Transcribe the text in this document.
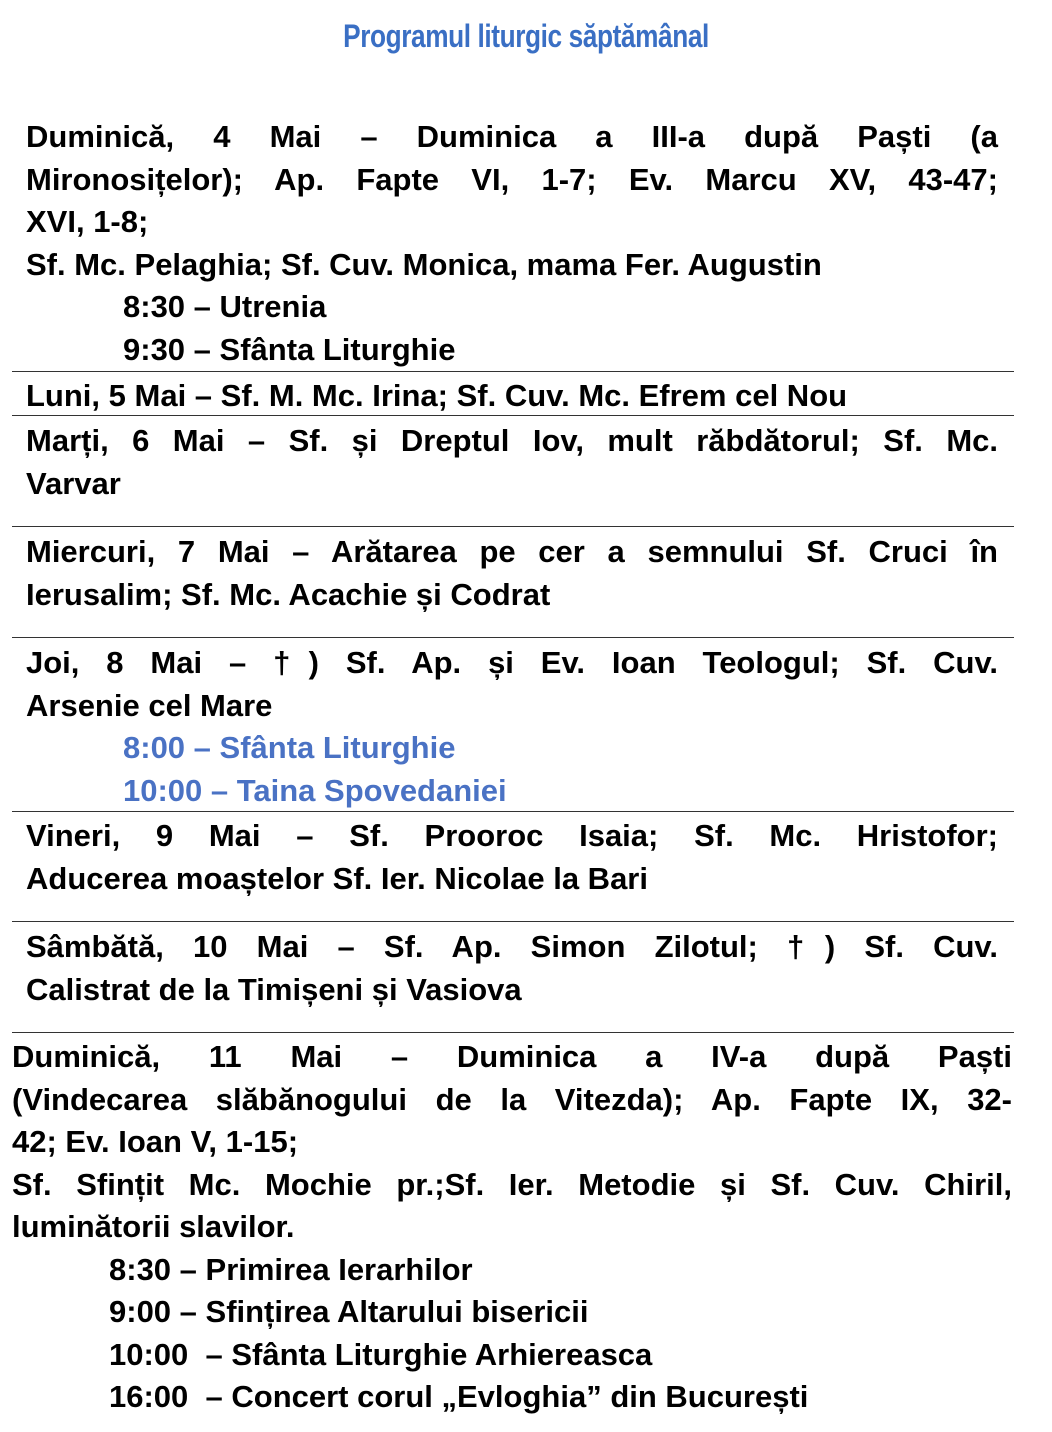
Programul liturgic săptămânal
Duminică, 4 Mai – Duminica a III-a după Paști (a
Mironosițelor); Ap. Fapte VI, 1-7; Ev. Marcu XV, 43-47;
XVI, 1-8;
Sf. Mc. Pelaghia; Sf. Cuv. Monica, mama Fer. Augustin
8:30 – Utrenia
9:30 – Sfânta Liturghie
Luni, 5 Mai – Sf. M. Mc. Irina; Sf. Cuv. Mc. Efrem cel Nou
Marți, 6 Mai – Sf. și Dreptul Iov, mult răbdătorul; Sf. Mc.
Varvar
Miercuri, 7 Mai – Arătarea pe cer a semnului Sf. Cruci în
Ierusalim; Sf. Mc. Acachie și Codrat
Joi, 8 Mai – †) Sf. Ap. și Ev. Ioan Teologul; Sf. Cuv.
Arsenie cel Mare
8:00 – Sfânta Liturghie
10:00 – Taina Spovedaniei
Vineri, 9 Mai – Sf. Prooroc Isaia; Sf. Mc. Hristofor;
Aducerea moaștelor Sf. Ier. Nicolae la Bari
Sâmbătă, 10 Mai – Sf. Ap. Simon Zilotul; †) Sf. Cuv.
Calistrat de la Timișeni și Vasiova
Duminică, 11 Mai – Duminica a IV-a după Paști
(Vindecarea slăbănogului de la Vitezda); Ap. Fapte IX, 32-
42; Ev. Ioan V, 1-15;
Sf. Sfințit Mc. Mochie pr.;Sf. Ier. Metodie și Sf. Cuv. Chiril,
luminătorii slavilor.
8:30 – Primirea Ierarhilor
9:00 – Sfințirea Altarului bisericii
10:00  – Sfânta Liturghie Arhiereasca
16:00  – Concert corul „Evloghia” din București
